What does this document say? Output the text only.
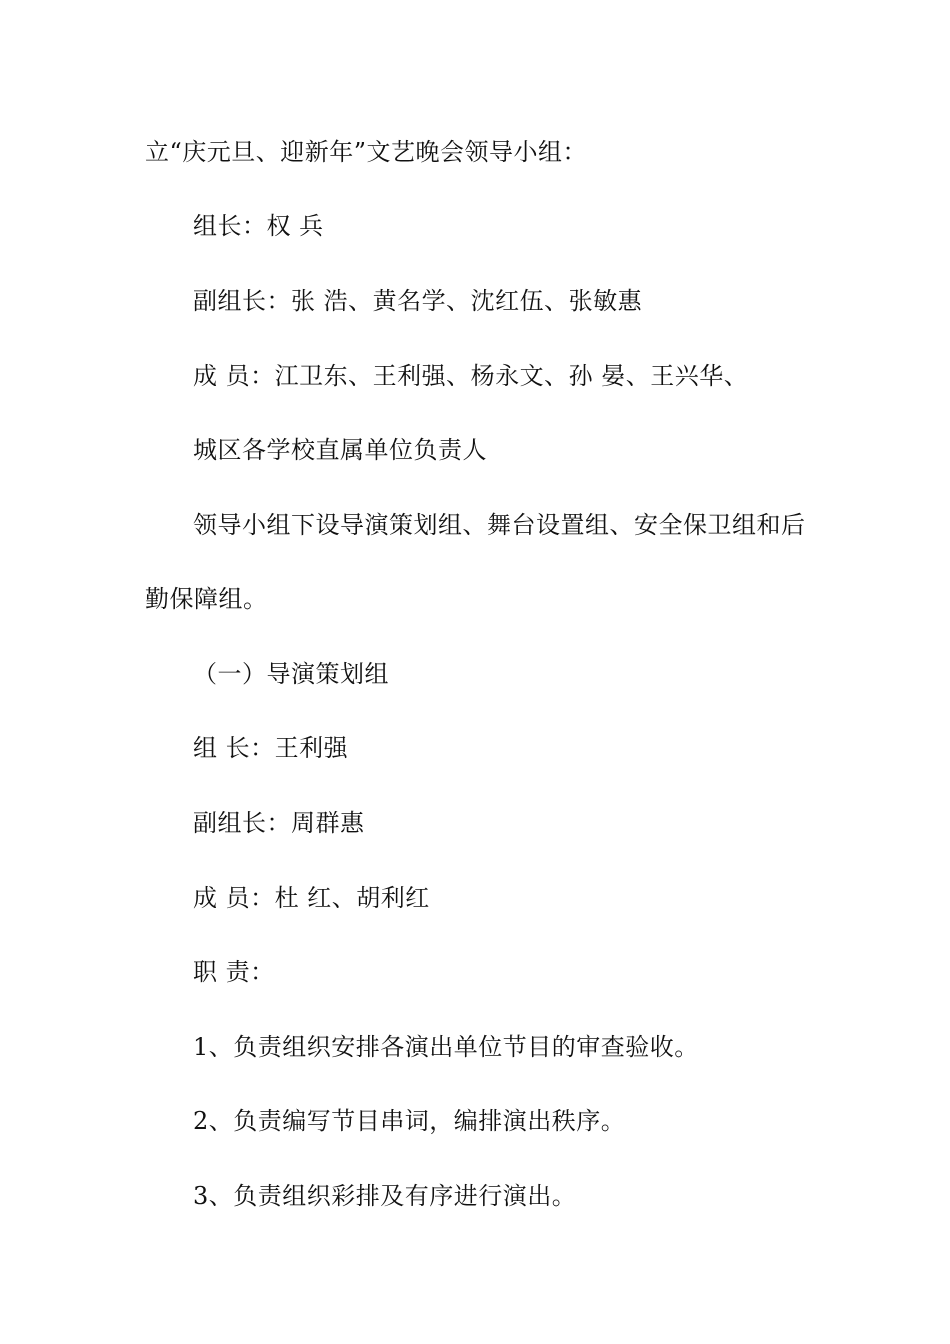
立“庆元旦、迎新年”文艺晚会领导小组：

组长：权 兵

副组长：张 浩、黄名学、沈红伍、张敏惠

成 员：江卫东、王利强、杨永文、孙 晏、王兴华、

城区各学校直属单位负责人

领导小组下设导演策划组、舞台设置组、安全保卫组和后

勤保障组。

（一）导演策划组

组 长：王利强

副组长：周群惠

成 员：杜 红、胡利红

职 责：

1、负责组织安排各演出单位节目的审查验收。

2、负责编写节目串词，编排演出秩序。

3、负责组织彩排及有序进行演出。
